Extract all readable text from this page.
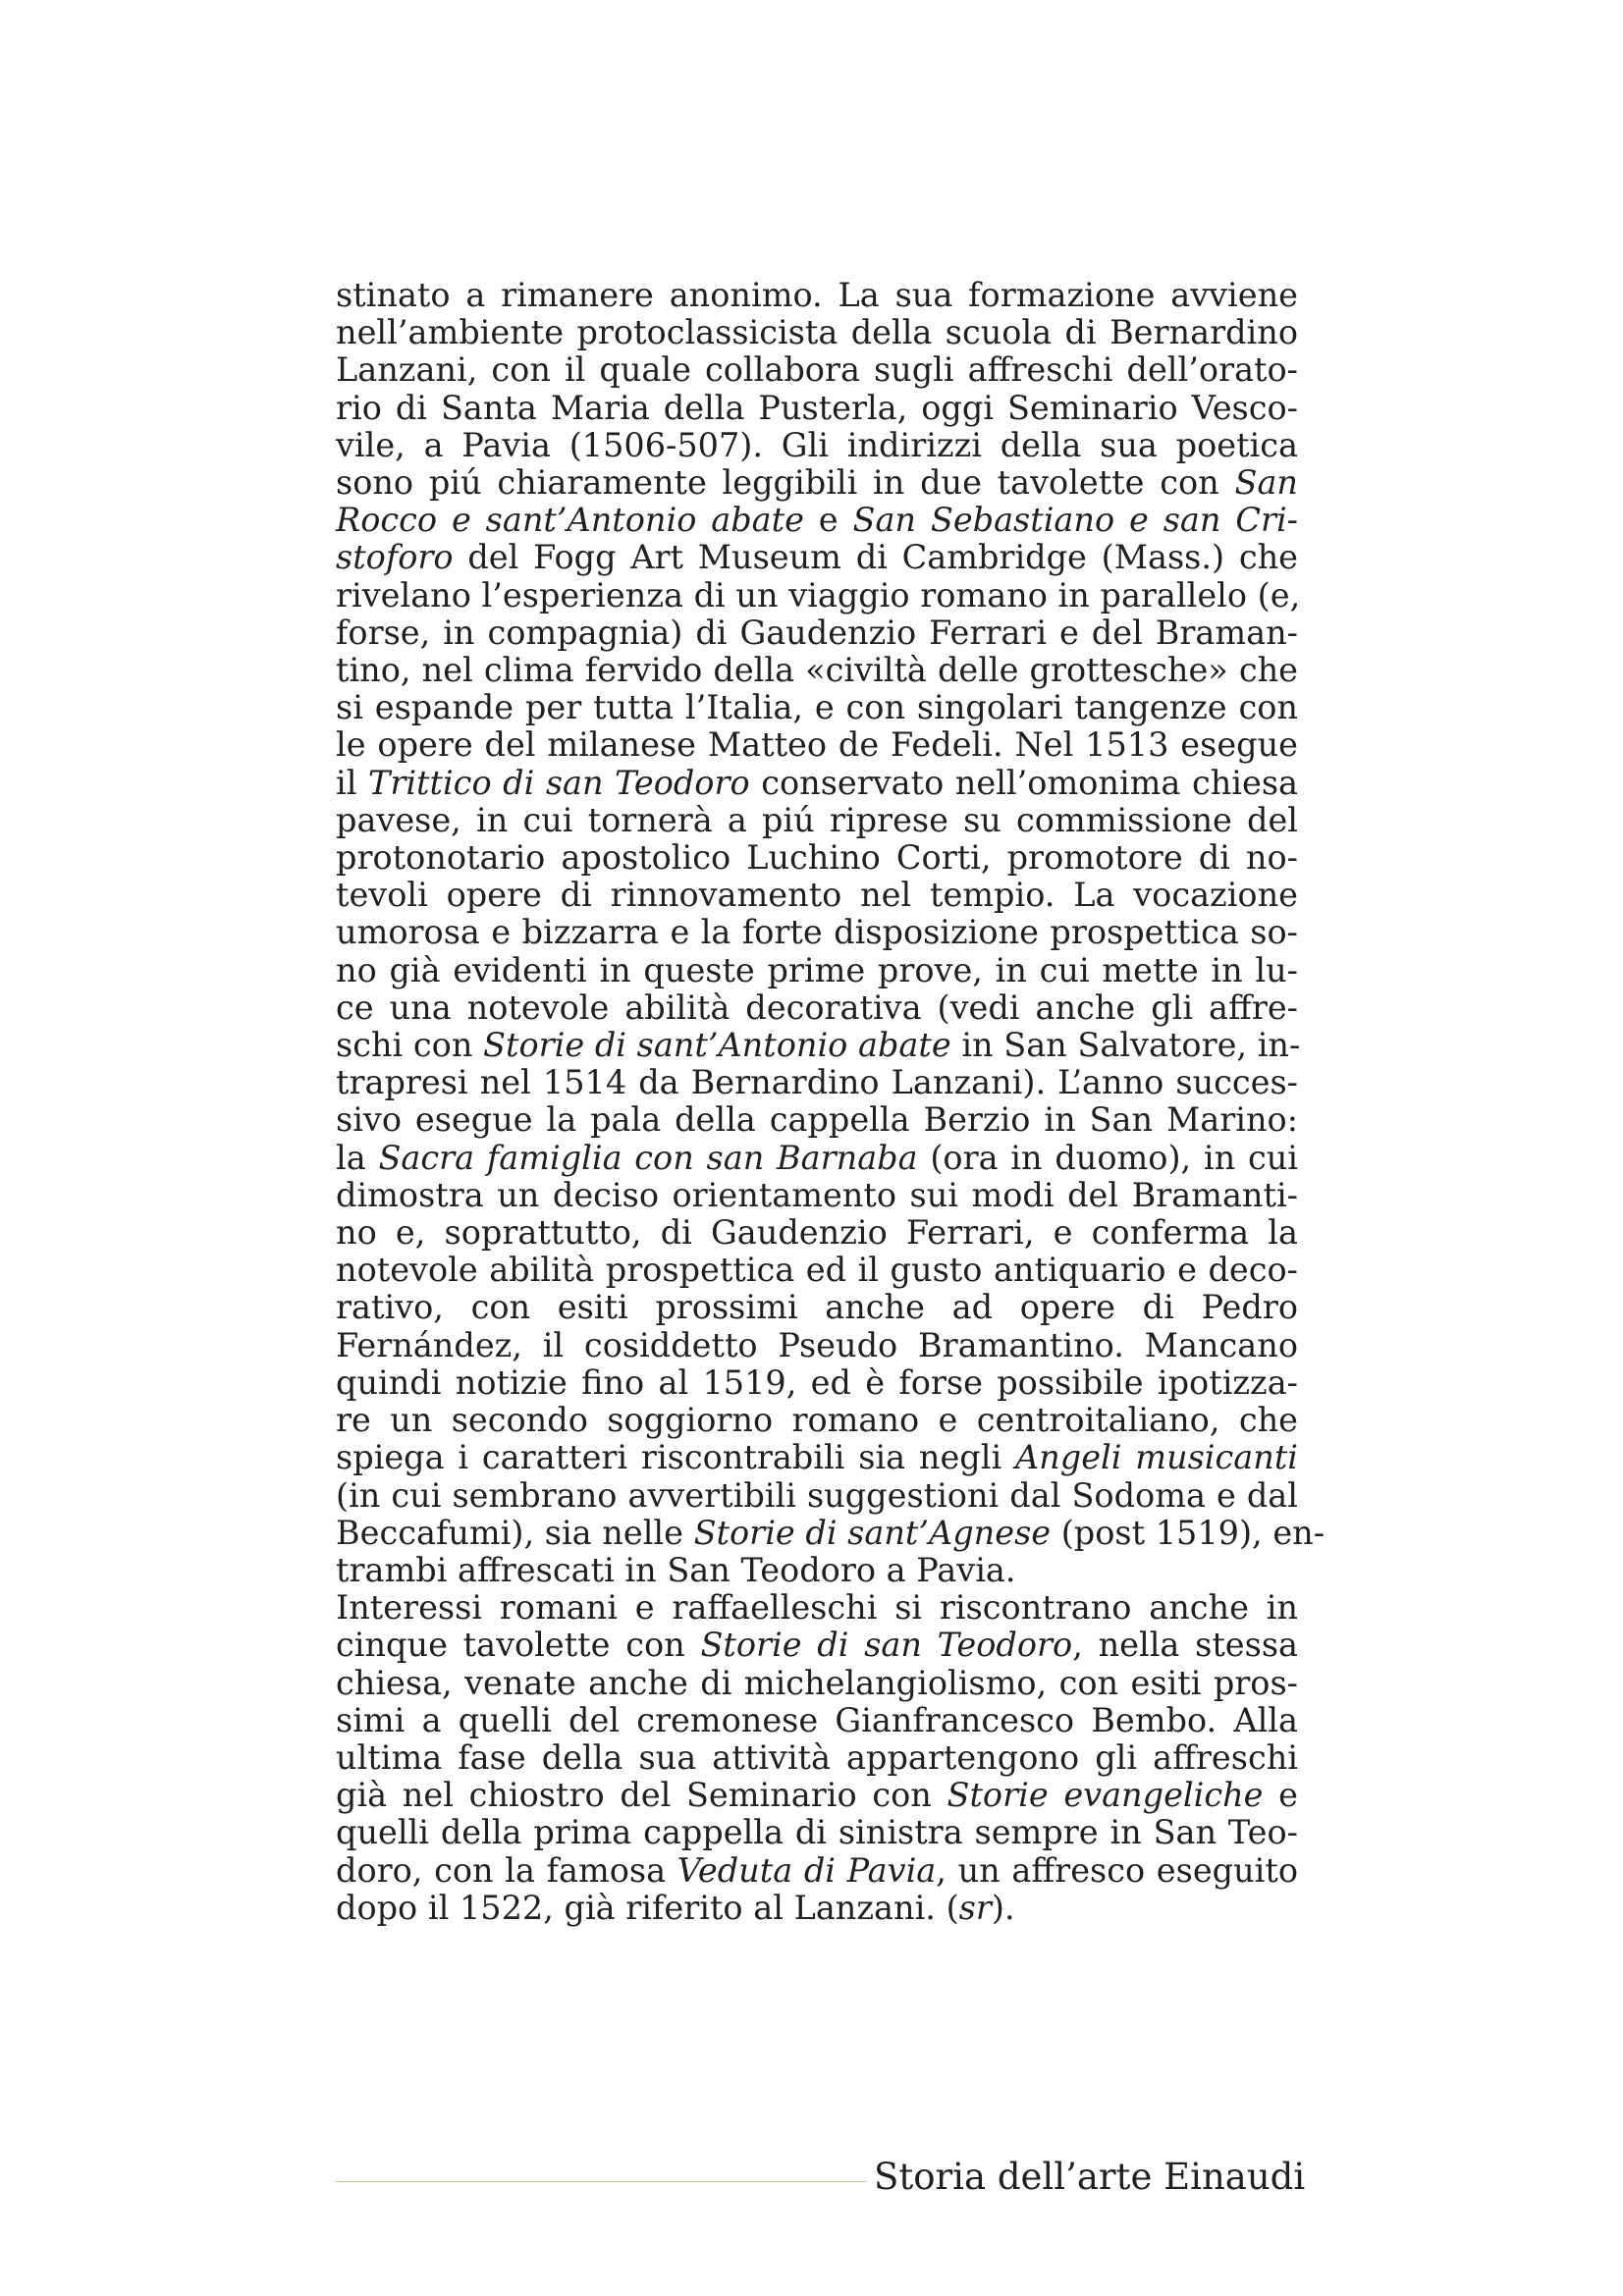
stinato a rimanere anonimo. La sua formazione avviene
nell’ambiente protoclassicista della scuola di Bernardino
Lanzani, con il quale collabora sugli affreschi dell’orato-
rio di Santa Maria della Pusterla, oggi Seminario Vesco-
vile, a Pavia (1506-507). Gli indirizzi della sua poetica
sono piú chiaramente leggibili in due tavolette con San
Rocco e sant’Antonio abate e San Sebastiano e san Cri-
stoforo del Fogg Art Museum di Cambridge (Mass.) che
rivelano l’esperienza di un viaggio romano in parallelo (e,
forse, in compagnia) di Gaudenzio Ferrari e del Braman-
tino, nel clima fervido della «civiltà delle grottesche» che
si espande per tutta l’Italia, e con singolari tangenze con
le opere del milanese Matteo de Fedeli. Nel 1513 esegue
il Trittico di san Teodoro conservato nell’omonima chiesa
pavese, in cui tornerà a piú riprese su commissione del
protonotario apostolico Luchino Corti, promotore di no-
tevoli opere di rinnovamento nel tempio. La vocazione
umorosa e bizzarra e la forte disposizione prospettica so-
no già evidenti in queste prime prove, in cui mette in lu-
ce una notevole abilità decorativa (vedi anche gli affre-
schi con Storie di sant’Antonio abate in San Salvatore, in-
trapresi nel 1514 da Bernardino Lanzani). L’anno succes-
sivo esegue la pala della cappella Berzio in San Marino:
la Sacra famiglia con san Barnaba (ora in duomo), in cui
dimostra un deciso orientamento sui modi del Bramanti-
no e, soprattutto, di Gaudenzio Ferrari, e conferma la
notevole abilità prospettica ed il gusto antiquario e deco-
rativo, con esiti prossimi anche ad opere di Pedro
Fernández, il cosiddetto Pseudo Bramantino. Mancano
quindi notizie fino al 1519, ed è forse possibile ipotizza-
re un secondo soggiorno romano e centroitaliano, che
spiega i caratteri riscontrabili sia negli Angeli musicanti
(in cui sembrano avvertibili suggestioni dal Sodoma e dal
Beccafumi), sia nelle Storie di sant’Agnese (post 1519), en-
trambi affrescati in San Teodoro a Pavia.
Interessi romani e raffaelleschi si riscontrano anche in
cinque tavolette con Storie di san Teodoro, nella stessa
chiesa, venate anche di michelangiolismo, con esiti pros-
simi a quelli del cremonese Gianfrancesco Bembo. Alla
ultima fase della sua attività appartengono gli affreschi
già nel chiostro del Seminario con Storie evangeliche e
quelli della prima cappella di sinistra sempre in San Teo-
doro, con la famosa Veduta di Pavia, un affresco eseguito
dopo il 1522, già riferito al Lanzani. (sr).
Storia dell’arte Einaudi
